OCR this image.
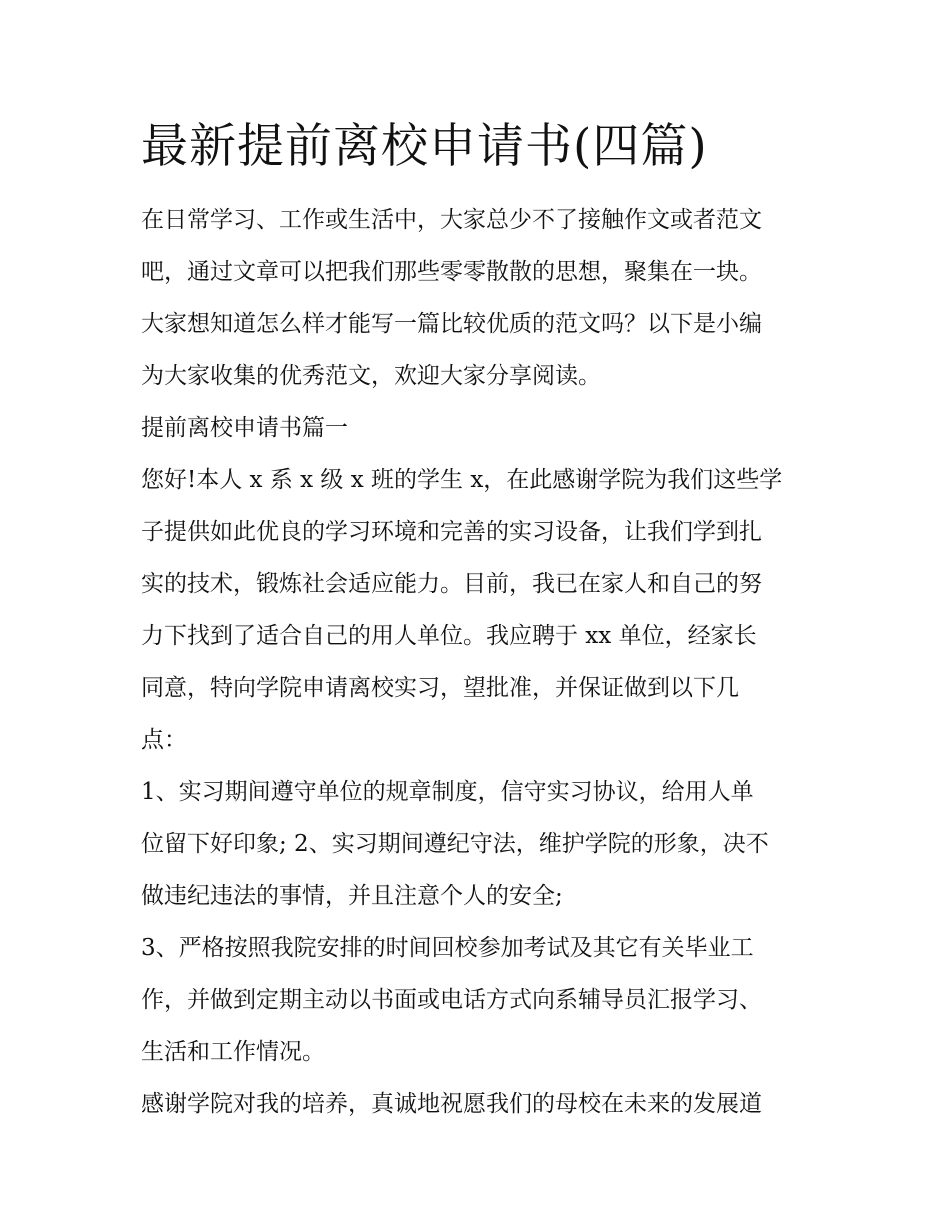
最新提前离校申请书(四篇)

在日常学习、工作或生活中，大家总少不了接触作文或者范文

吧，通过文章可以把我们那些零零散散的思想，聚集在一块。

大家想知道怎么样才能写一篇比较优质的范文吗？以下是小编

为大家收集的优秀范文，欢迎大家分享阅读。

提前离校申请书篇一

您好!本人 x 系 x 级 x 班的学生 x，在此感谢学院为我们这些学

子提供如此优良的学习环境和完善的实习设备，让我们学到扎

实的技术，锻炼社会适应能力。目前，我已在家人和自己的努

力下找到了适合自己的用人单位。我应聘于 xx 单位，经家长

同意，特向学院申请离校实习，望批准，并保证做到以下几

点：

1、实习期间遵守单位的规章制度，信守实习协议，给用人单

位留下好印象; 2、实习期间遵纪守法，维护学院的形象，决不

做违纪违法的事情，并且注意个人的安全;

3、严格按照我院安排的时间回校参加考试及其它有关毕业工

作，并做到定期主动以书面或电话方式向系辅导员汇报学习、

生活和工作情况。

感谢学院对我的培养，真诚地祝愿我们的母校在未来的发展道
